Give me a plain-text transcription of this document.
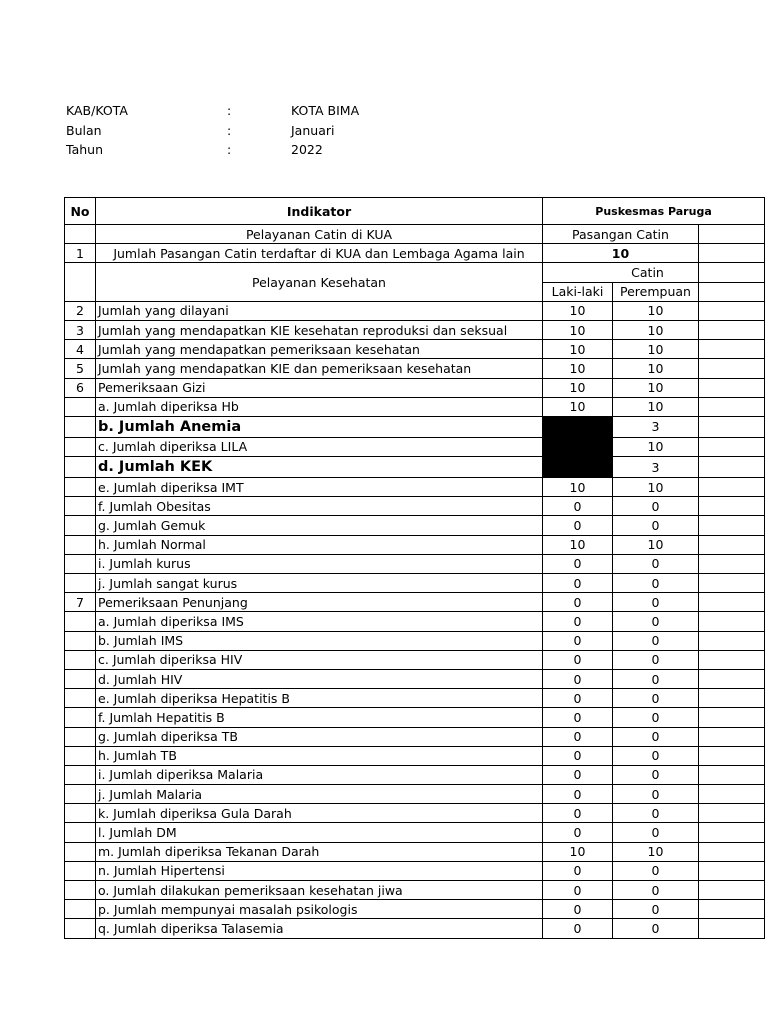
KAB/KOTA	:	KOTA BIMA
Bulan	:	Januari
Tahun	:	2022
No	Indikator	Puskesmas Paruga		
	Pelayanan Catin di KUA	Pasangan Catin		
1	Jumlah Pasangan Catin terdaftar di KUA dan Lembaga Agama lain	10		
	Pelayanan Kesehatan	Catin		
		Laki-laki	Perempuan	
2	Jumlah yang dilayani	10	10	
3	Jumlah yang mendapatkan KIE kesehatan reproduksi dan seksual	10	10	
4	Jumlah yang mendapatkan pemeriksaan kesehatan	10	10	
5	Jumlah yang mendapatkan KIE dan pemeriksaan kesehatan	10	10	
6	Pemeriksaan Gizi	10	10	
	a. Jumlah diperiksa Hb	10	10	
	b. Jumlah Anemia		3	
	c. Jumlah diperiksa LILA		10	
	d. Jumlah KEK		3	
	e. Jumlah diperiksa IMT	10	10	
	f. Jumlah Obesitas	0	0	
	g. Jumlah Gemuk	0	0	
	h. Jumlah Normal	10	10	
	i. Jumlah kurus	0	0	
	j. Jumlah sangat kurus	0	0	
7	Pemeriksaan Penunjang	0	0	
	a. Jumlah diperiksa IMS	0	0	
	b. Jumlah IMS	0	0	
	c. Jumlah diperiksa HIV	0	0	
	d. Jumlah HIV	0	0	
	e. Jumlah diperiksa Hepatitis B	0	0	
	f. Jumlah Hepatitis B	0	0	
	g. Jumlah diperiksa TB	0	0	
	h. Jumlah TB	0	0	
	i. Jumlah diperiksa Malaria	0	0	
	j. Jumlah Malaria	0	0	
	k. Jumlah diperiksa Gula Darah	0	0	
	l. Jumlah DM	0	0	
	m. Jumlah diperiksa Tekanan Darah	10	10	
	n. Jumlah Hipertensi	0	0	
	o. Jumlah dilakukan pemeriksaan kesehatan jiwa	0	0	
	p. Jumlah mempunyai masalah psikologis	0	0	
	q. Jumlah diperiksa Talasemia	0	0	
